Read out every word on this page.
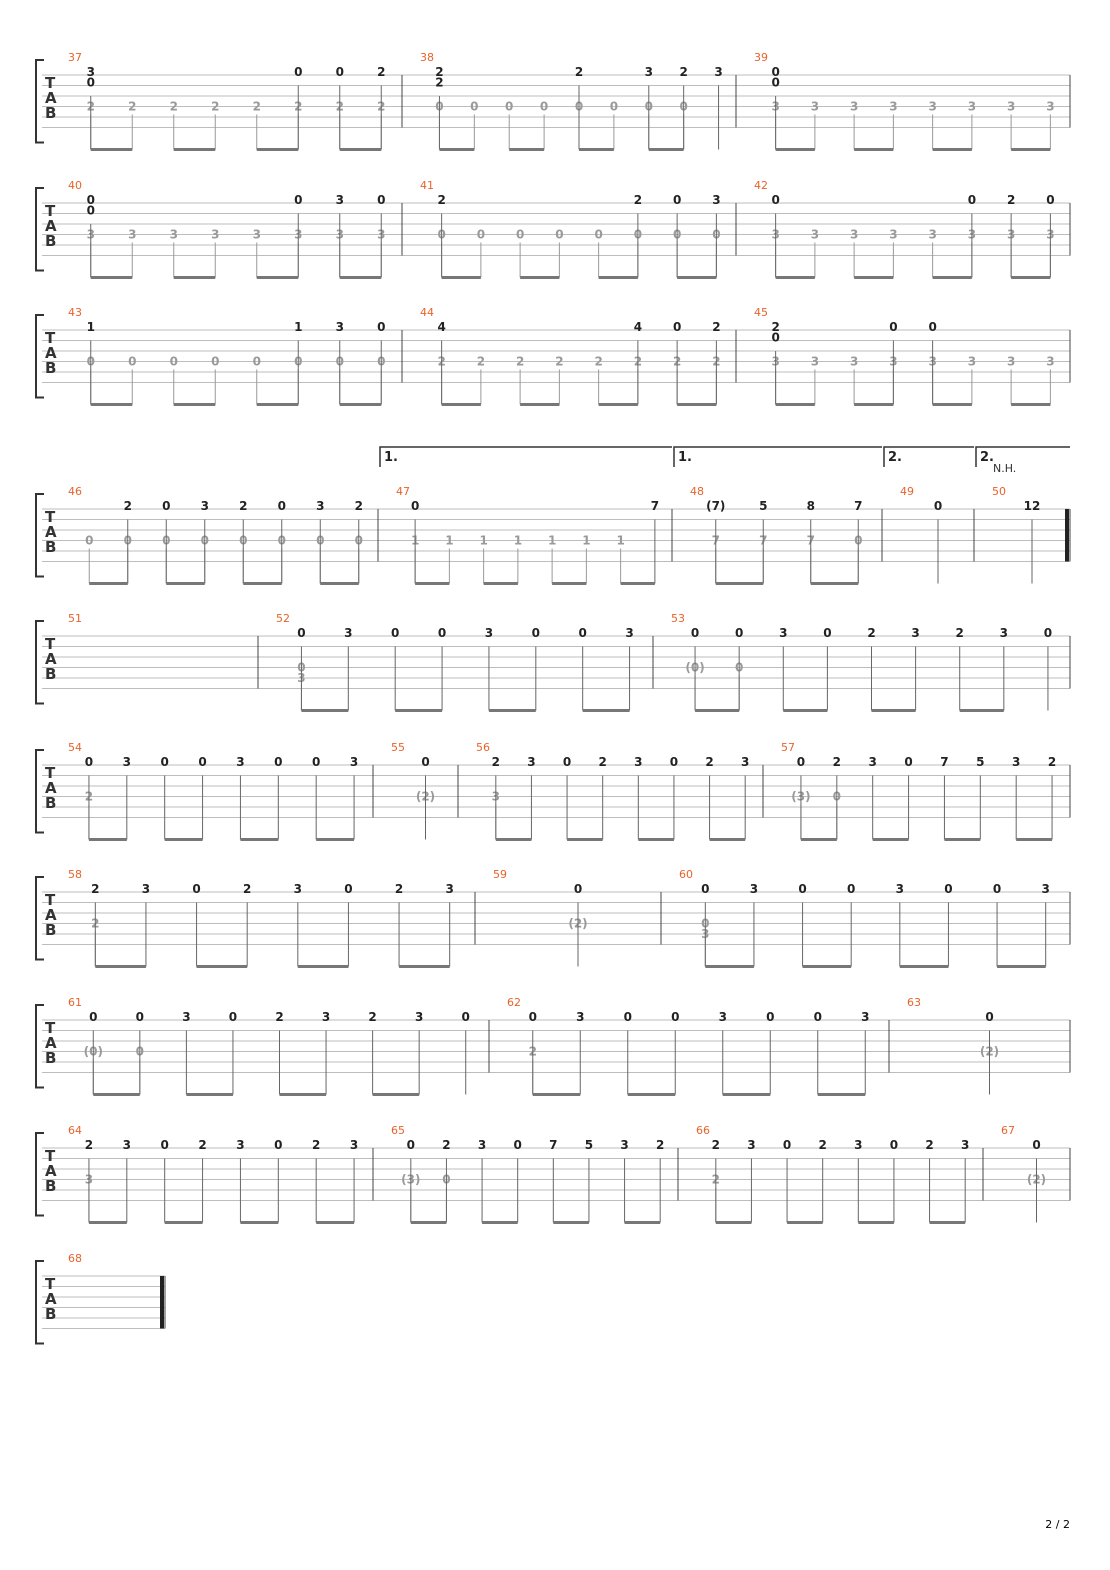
T
A
B
37
2	2	2	2	2	2	2	2
3
0
0	0	2
38
0 0 0 0 0 0 0 0
2
2
2	3 2 3
39
3	3	3	3	3	3	3	3
0
0
T
A
B
40
3	3	3	3	3	3	3	3
0
0
0	3	0
41
0	0	0	0	0	0	0	0
2	2	0	3
42
3	3	3	3	3	3	3	3
0	0	2	0
T
A
B
43
0	0	0	0	0	0	0	0
1	1	3	0
44
2	2	2	2	2	2	2	2
4	4	0	2
45
3	3	3	3	3	3	3	3
2
0
0	0
T
A
B
1.	1.	2.	2.
N.H.
46
0	0	0	0	0	0	0	0
2	0	3	2	0	3	2
47
1 1 1 1 1 1 1
0	7
48
7	7	7	0
(7)	5	8	7
49
0
50
12
T
A
B
51	52
0
3
0	3	0	0	3	0	0	3
53
(0)	0
0	0	3	0	2	3	2	3	0
T
A
B
54
2
0 3 0 0 3 0 0 3
55
(2)
0
56
3
2 3 0 2 3 0 2 3
57
(3) 0
0 2 3 0 7 5 3 2
T
A
B
58
2
2	3	0	2	3	0	2	3
59
(2)
0
60
0
3
0	3	0	0	3	0	0	3
T
A
B
61
(0)	0
0	0	3	0	2	3	2	3	0
62
2
0	3	0	0	3	0	0	3
63
(2)
0
T
A
B
64
3
2 3 0 2 3 0 2 3
65
(3) 0
0 2 3 0 7 5 3 2
66
2
2 3 0 2 3 0 2 3
67
(2)
0
T
A
B
68
2 / 2
